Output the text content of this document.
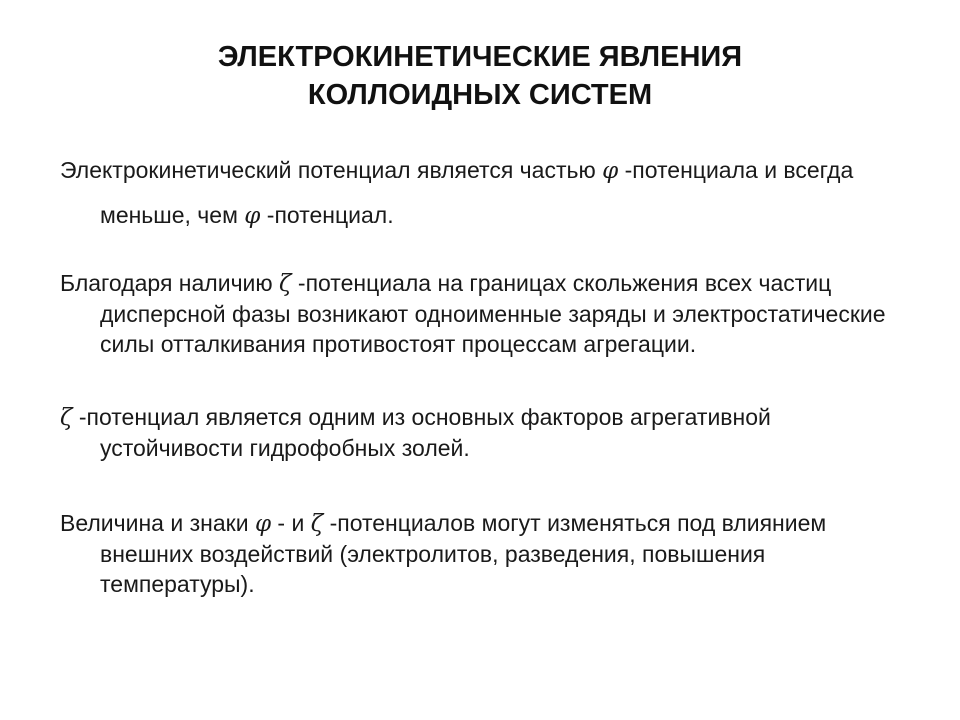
ЭЛЕКТРОКИНЕТИЧЕСКИЕ ЯВЛЕНИЯ
КОЛЛОИДНЫХ СИСТЕМ
Электрокинетический потенциал является частью φ -потенциала и всегда меньше, чем φ -потенциал.
Благодаря наличию ζ -потенциала на границах скольжения всех частиц дисперсной фазы возникают одноименные заряды и электростатические силы отталкивания противостоят процессам агрегации.
ζ -потенциал является одним из основных факторов агрегативной устойчивости гидрофобных золей.
Величина и знаки φ - и ζ -потенциалов могут изменяться под влиянием внешних воздействий (электролитов, разведения, повышения температуры).
